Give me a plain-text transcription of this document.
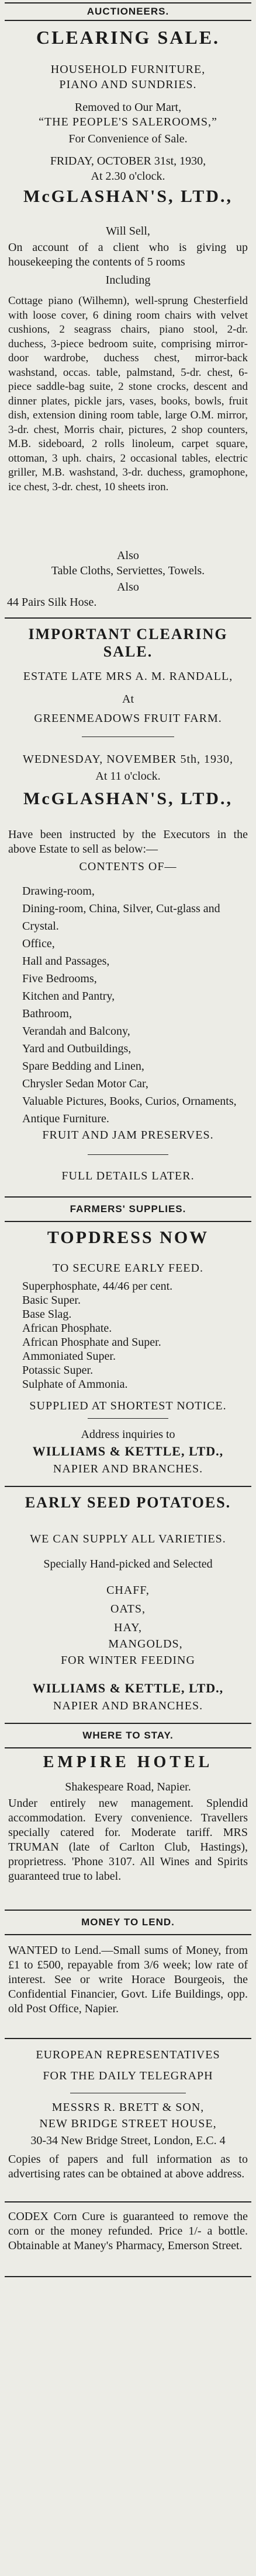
AUCTIONEERS.
CLEARING SALE.
HOUSEHOLD FURNITURE,
PIANO AND SUNDRIES.
Removed to Our Mart,
“THE PEOPLE'S SALEROOMS,”
For Convenience of Sale.
FRIDAY, OCTOBER 31st, 1930,
At 2.30 o'clock.
McGLASHAN'S, LTD.,
Will Sell,
On account of a client who is giving up housekeeping the contents of 5 rooms
Including
Cottage piano (Wilhemn), well-sprung Chesterfield with loose cover, 6 dining room chairs with velvet cushions, 2 seagrass chairs, piano stool, 2-dr. duchess, 3-piece bedroom suite, comprising mirror-door wardrobe, duchess chest, mirror-back washstand, occas. table, palmstand, 5-dr. chest, 6-piece saddle-bag suite, 2 stone crocks, descent and dinner plates, pickle jars, vases, books, bowls, fruit dish, extension dining room table, large O.M. mirror, 3-dr. chest, Morris chair, pictures, 2 shop counters, M.B. sideboard, 2 rolls linoleum, carpet square, ottoman, 3 uph. chairs, 2 occasional tables, electric griller, M.B. washstand, 3-dr. duchess, gramophone, ice chest, 3-dr. chest, 10 sheets iron.
Also
Table Cloths, Serviettes, Towels.
Also
44 Pairs Silk Hose.
IMPORTANT CLEARING SALE.
ESTATE LATE MRS A. M. RANDALL,
At
GREENMEADOWS FRUIT FARM.
WEDNESDAY, NOVEMBER 5th, 1930,
At 11 o'clock.
McGLASHAN'S, LTD.,
Have been instructed by the Executors in the above Estate to sell as below:—
CONTENTS OF—
Drawing-room,
Dining-room, China, Silver, Cut-glass and Crystal.
Office,
Hall and Passages,
Five Bedrooms,
Kitchen and Pantry,
Bathroom,
Verandah and Balcony,
Yard and Outbuildings,
Spare Bedding and Linen,
Chrysler Sedan Motor Car,
Valuable Pictures, Books, Curios, Ornaments, Antique Furniture.
FRUIT AND JAM PRESERVES.
FULL DETAILS LATER.
FARMERS' SUPPLIES.
TOPDRESS NOW
TO SECURE EARLY FEED.
Superphosphate, 44/46 per cent.
Basic Super.
Base Slag.
African Phosphate.
African Phosphate and Super.
Ammoniated Super.
Potassic Super.
Sulphate of Ammonia.
SUPPLIED AT SHORTEST NOTICE.
Address inquiries to
WILLIAMS & KETTLE, LTD.,
NAPIER AND BRANCHES.
EARLY SEED POTATOES.
WE CAN SUPPLY ALL VARIETIES.
Specially Hand-picked and Selected
CHAFF,
OATS,
HAY,
MANGOLDS,
FOR WINTER FEEDING
WILLIAMS & KETTLE, LTD.,
NAPIER AND BRANCHES.
WHERE TO STAY.
EMPIRE HOTEL
Shakespeare Road, Napier.
Under entirely new management. Splendid accommodation. Every convenience. Travellers specially catered for. Moderate tariff. MRS TRUMAN (late of Carlton Club, Hastings), proprietress. 'Phone 3107. All Wines and Spirits guaranteed true to label.
MONEY TO LEND.
WANTED to Lend.—Small sums of Money, from £1 to £500, repayable from 3/6 week; low rate of interest. See or write Horace Bourgeois, the Confidential Financier, Govt. Life Buildings, opp. old Post Office, Napier.
EUROPEAN REPRESENTATIVES
FOR THE DAILY TELEGRAPH
MESSRS R. BRETT & SON,
NEW BRIDGE STREET HOUSE,
30-34 New Bridge Street, London, E.C. 4
Copies of papers and full information as to advertising rates can be obtained at above address.
CODEX Corn Cure is guaranteed to remove the corn or the money refunded. Price 1/- a bottle. Obtainable at Maney's Pharmacy, Emerson Street.
